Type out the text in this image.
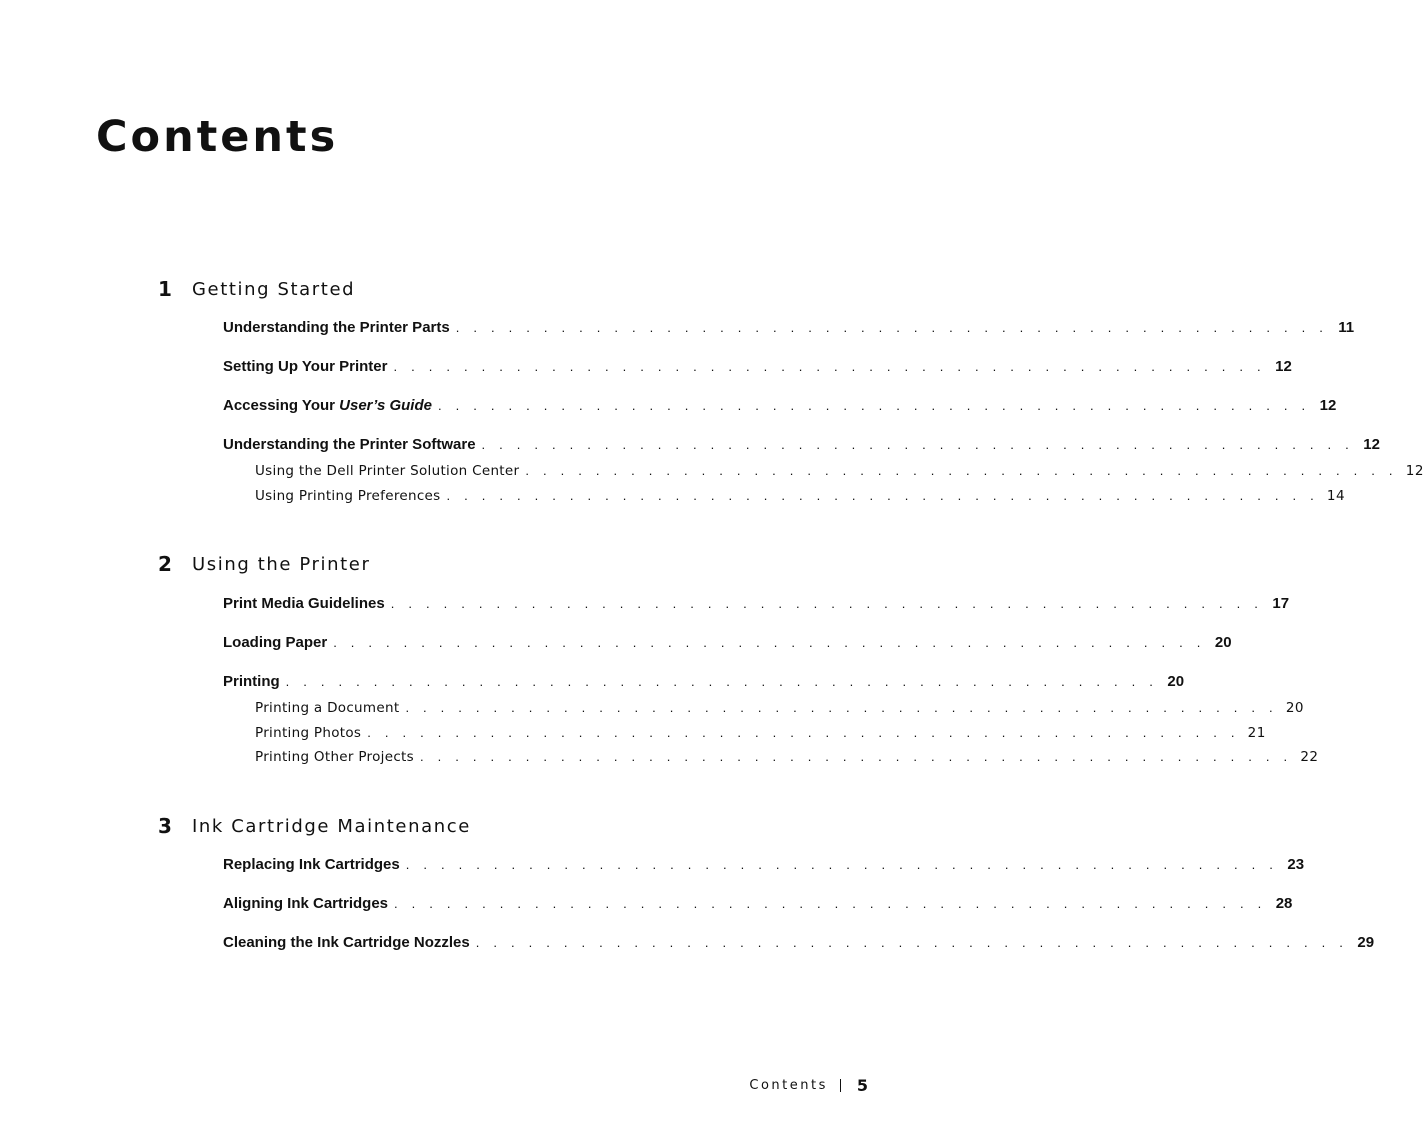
Contents
1	Getting Started
Understanding the Printer Parts . . . . . . . . . . . . . . . . . . . . . . . . . . . . . . . . . . . . . . . . . . . . . . . . . . 11
Setting Up Your Printer . . . . . . . . . . . . . . . . . . . . . . . . . . . . . . . . . . . . . . . . . . . . . . . . . . 12
Accessing Your User’s Guide . . . . . . . . . . . . . . . . . . . . . . . . . . . . . . . . . . . . . . . . . . . . . . . . . . 12
Understanding the Printer Software . . . . . . . . . . . . . . . . . . . . . . . . . . . . . . . . . . . . . . . . . . . . . . . . . . 12
Using the Dell Printer Solution Center . . . . . . . . . . . . . . . . . . . . . . . . . . . . . . . . . . . . . . . . . . . . . . . . . . 12
Using Printing Preferences . . . . . . . . . . . . . . . . . . . . . . . . . . . . . . . . . . . . . . . . . . . . . . . . . . 14
2	Using the Printer
Print Media Guidelines . . . . . . . . . . . . . . . . . . . . . . . . . . . . . . . . . . . . . . . . . . . . . . . . . . 17
Loading Paper . . . . . . . . . . . . . . . . . . . . . . . . . . . . . . . . . . . . . . . . . . . . . . . . . . 20
Printing . . . . . . . . . . . . . . . . . . . . . . . . . . . . . . . . . . . . . . . . . . . . . . . . . . 20
Printing a Document . . . . . . . . . . . . . . . . . . . . . . . . . . . . . . . . . . . . . . . . . . . . . . . . . . 20
Printing Photos . . . . . . . . . . . . . . . . . . . . . . . . . . . . . . . . . . . . . . . . . . . . . . . . . . 21
Printing Other Projects . . . . . . . . . . . . . . . . . . . . . . . . . . . . . . . . . . . . . . . . . . . . . . . . . . 22
3	Ink Cartridge Maintenance
Replacing Ink Cartridges . . . . . . . . . . . . . . . . . . . . . . . . . . . . . . . . . . . . . . . . . . . . . . . . . . 23
Aligning Ink Cartridges . . . . . . . . . . . . . . . . . . . . . . . . . . . . . . . . . . . . . . . . . . . . . . . . . . 28
Cleaning the Ink Cartridge Nozzles . . . . . . . . . . . . . . . . . . . . . . . . . . . . . . . . . . . . . . . . . . . . . . . . . . 29
Contents 5
